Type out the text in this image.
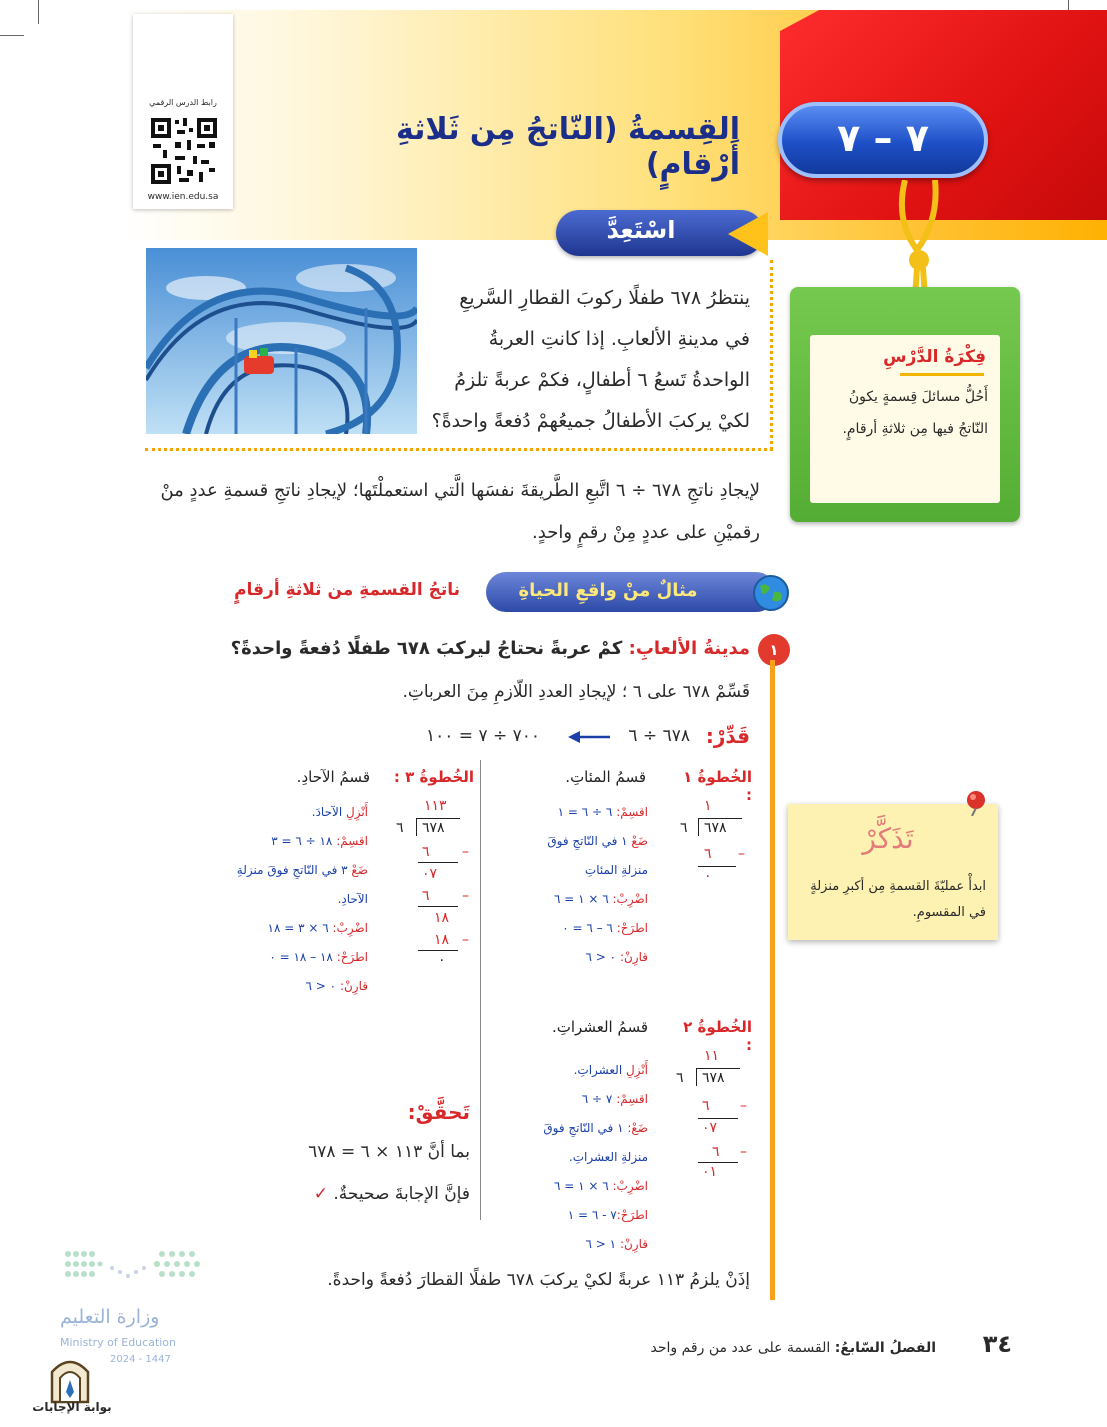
رابط الدرس الرقمي
www.ien.edu.sa
القِسمةُ (النّاتجُ مِن ثَلاثةِ أَرْقامٍ)
٧ – ٧
اسْتَعِدَّ
ينتظرُ ٦٧٨ طفلًا ركوبَ القطارِ السَّريعِ في مدينةِ الألعابِ. إذا كانتِ العربةُ الواحدةُ تَسعُ ٦ أطفالٍ، فكمْ عربةً تلزمُ لكيْ يركبَ الأطفالُ جميعُهمْ دُفعةً واحدةً؟
فِكْرَةُ الدَّرْسِ
أَحُلُّ مسائلَ قِسمةٍ يكونُ النّاتجُ فيها مِن ثلاثةِ أرقامٍ.
لإيجادِ ناتجِ ٦٧٨ ÷ ٦ اتَّبعِ الطَّريقةَ نفسَها الَّتي استعملْتَها؛ لإيجادِ ناتجِ قسمةِ عددٍ منْ رقميْنِ على عددٍ مِنْ رقمٍ واحدٍ.
مثالٌ منْ واقعِ الحياةِ
ناتجُ القسمةِ من ثلاثةِ أرقامٍ
١
مدينةُ الألعابِ: كمْ عربةً نحتاجُ ليركبَ ٦٧٨ طفلًا دُفعةً واحدةً؟
قَسِّمْ ٦٧٨ على ٦ ؛ لإيجادِ العددِ اللّازمِ مِنَ العرباتِ.
قَدِّرْ:
٦٧٨ ÷ ٦
٧٠٠ ÷ ٧ = ١٠٠
الخُطوةُ ١ :
قسمُ المئاتِ.
١
٦ ٦٧٨
٦ –
٠
اقسِمْ: ٦ ÷ ٦ = ١
ضَعْ ١ في النّاتجِ فوقَ
منزلةِ المئاتِ
اضْرِبْ: ٦ × ١ = ٦
اطرَحْ: ٦ – ٦ = ٠
قارِنْ: ٠ < ٦
الخُطوةُ ٢ :
قسمُ العشراتِ.
١١
٦ ٦٧٨
٦ –
٠٧
٦ –
٠١
أَنْزِلِ العشراتِ.
اقسِمْ: ٧ ÷ ٦
ضَعْ: ١ في النّاتجِ فوقَ
منزلةِ العشراتِ.
اضْرِبْ: ٦ × ١ = ٦
اطرَحْ:٧ - ٦ = ١
قارِنْ: ١ < ٦
الخُطوةُ ٣ :
قسمُ الآحادِ.
١١٣
٦ ٦٧٨
٦ –
٠٧
٦ –
١٨
١٨ –
٠
أَنْزِلِ الآحادَ.
اقسِمْ: ١٨ ÷ ٦ = ٣
ضَعْ ٣ في النّاتجِ فوقَ منزلةِ
الآحادِ.
اضْرِبْ: ٦ × ٣ = ١٨
اطرَحْ: ١٨ – ١٨ = ٠
قارِنْ: ٠ < ٦
تَذَكَّرْ
ابدأْ عمليّةَ القسمةِ مِن أكبرِ منزلةٍ في المقسومِ.
تَحقَّقْ:
بما أنَّ ١١٣ × ٦ = ٦٧٨
فإنَّ الإجابةَ صحيحةٌ. ✓
إذَنْ يلزمُ ١١٣ عربةً لكيْ يركبَ ٦٧٨ طفلًا القطارَ دُفعةً واحدةً.
وزارة التعليم
Ministry of Education
2024 - 1447
بوابة الإجابات
الفصلُ السّابعُ: القسمة على عدد من رقم واحد	٣٤
